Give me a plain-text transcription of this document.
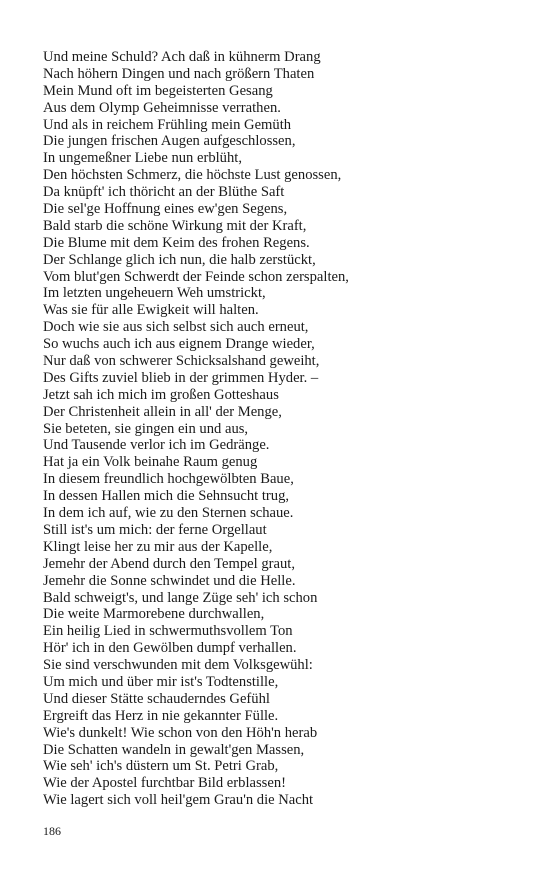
Und meine Schuld? Ach daß in kühnerm Drang
Nach höhern Dingen und nach größern Thaten
Mein Mund oft im begeisterten Gesang
Aus dem Olymp Geheimnisse verrathen.
Und als in reichem Frühling mein Gemüth
Die jungen frischen Augen aufgeschlossen,
In ungemeßner Liebe nun erblüht,
Den höchsten Schmerz, die höchste Lust genossen,
Da knüpft' ich thöricht an der Blüthe Saft
Die sel'ge Hoffnung eines ew'gen Segens,
Bald starb die schöne Wirkung mit der Kraft,
Die Blume mit dem Keim des frohen Regens.
Der Schlange glich ich nun, die halb zerstückt,
Vom blut'gen Schwerdt der Feinde schon zerspalten,
Im letzten ungeheuern Weh umstrickt,
Was sie für alle Ewigkeit will halten.
Doch wie sie aus sich selbst sich auch erneut,
So wuchs auch ich aus eignem Drange wieder,
Nur daß von schwerer Schicksalshand geweiht,
Des Gifts zuviel blieb in der grimmen Hyder. –
Jetzt sah ich mich im großen Gotteshaus
Der Christenheit allein in all' der Menge,
Sie beteten, sie gingen ein und aus,
Und Tausende verlor ich im Gedränge.
Hat ja ein Volk beinahe Raum genug
In diesem freundlich hochgewölbten Baue,
In dessen Hallen mich die Sehnsucht trug,
In dem ich auf, wie zu den Sternen schaue.
Still ist's um mich: der ferne Orgellaut
Klingt leise her zu mir aus der Kapelle,
Jemehr der Abend durch den Tempel graut,
Jemehr die Sonne schwindet und die Helle.
Bald schweigt's, und lange Züge seh' ich schon
Die weite Marmorebene durchwallen,
Ein heilig Lied in schwermuthsvollem Ton
Hör' ich in den Gewölben dumpf verhallen.
Sie sind verschwunden mit dem Volksgewühl:
Um mich und über mir ist's Todtenstille,
Und dieser Stätte schauderndes Gefühl
Ergreift das Herz in nie gekannter Fülle.
Wie's dunkelt! Wie schon von den Höh'n herab
Die Schatten wandeln in gewalt'gen Massen,
Wie seh' ich's düstern um St. Petri Grab,
Wie der Apostel furchtbar Bild erblassen!
Wie lagert sich voll heil'gem Grau'n die Nacht
186
